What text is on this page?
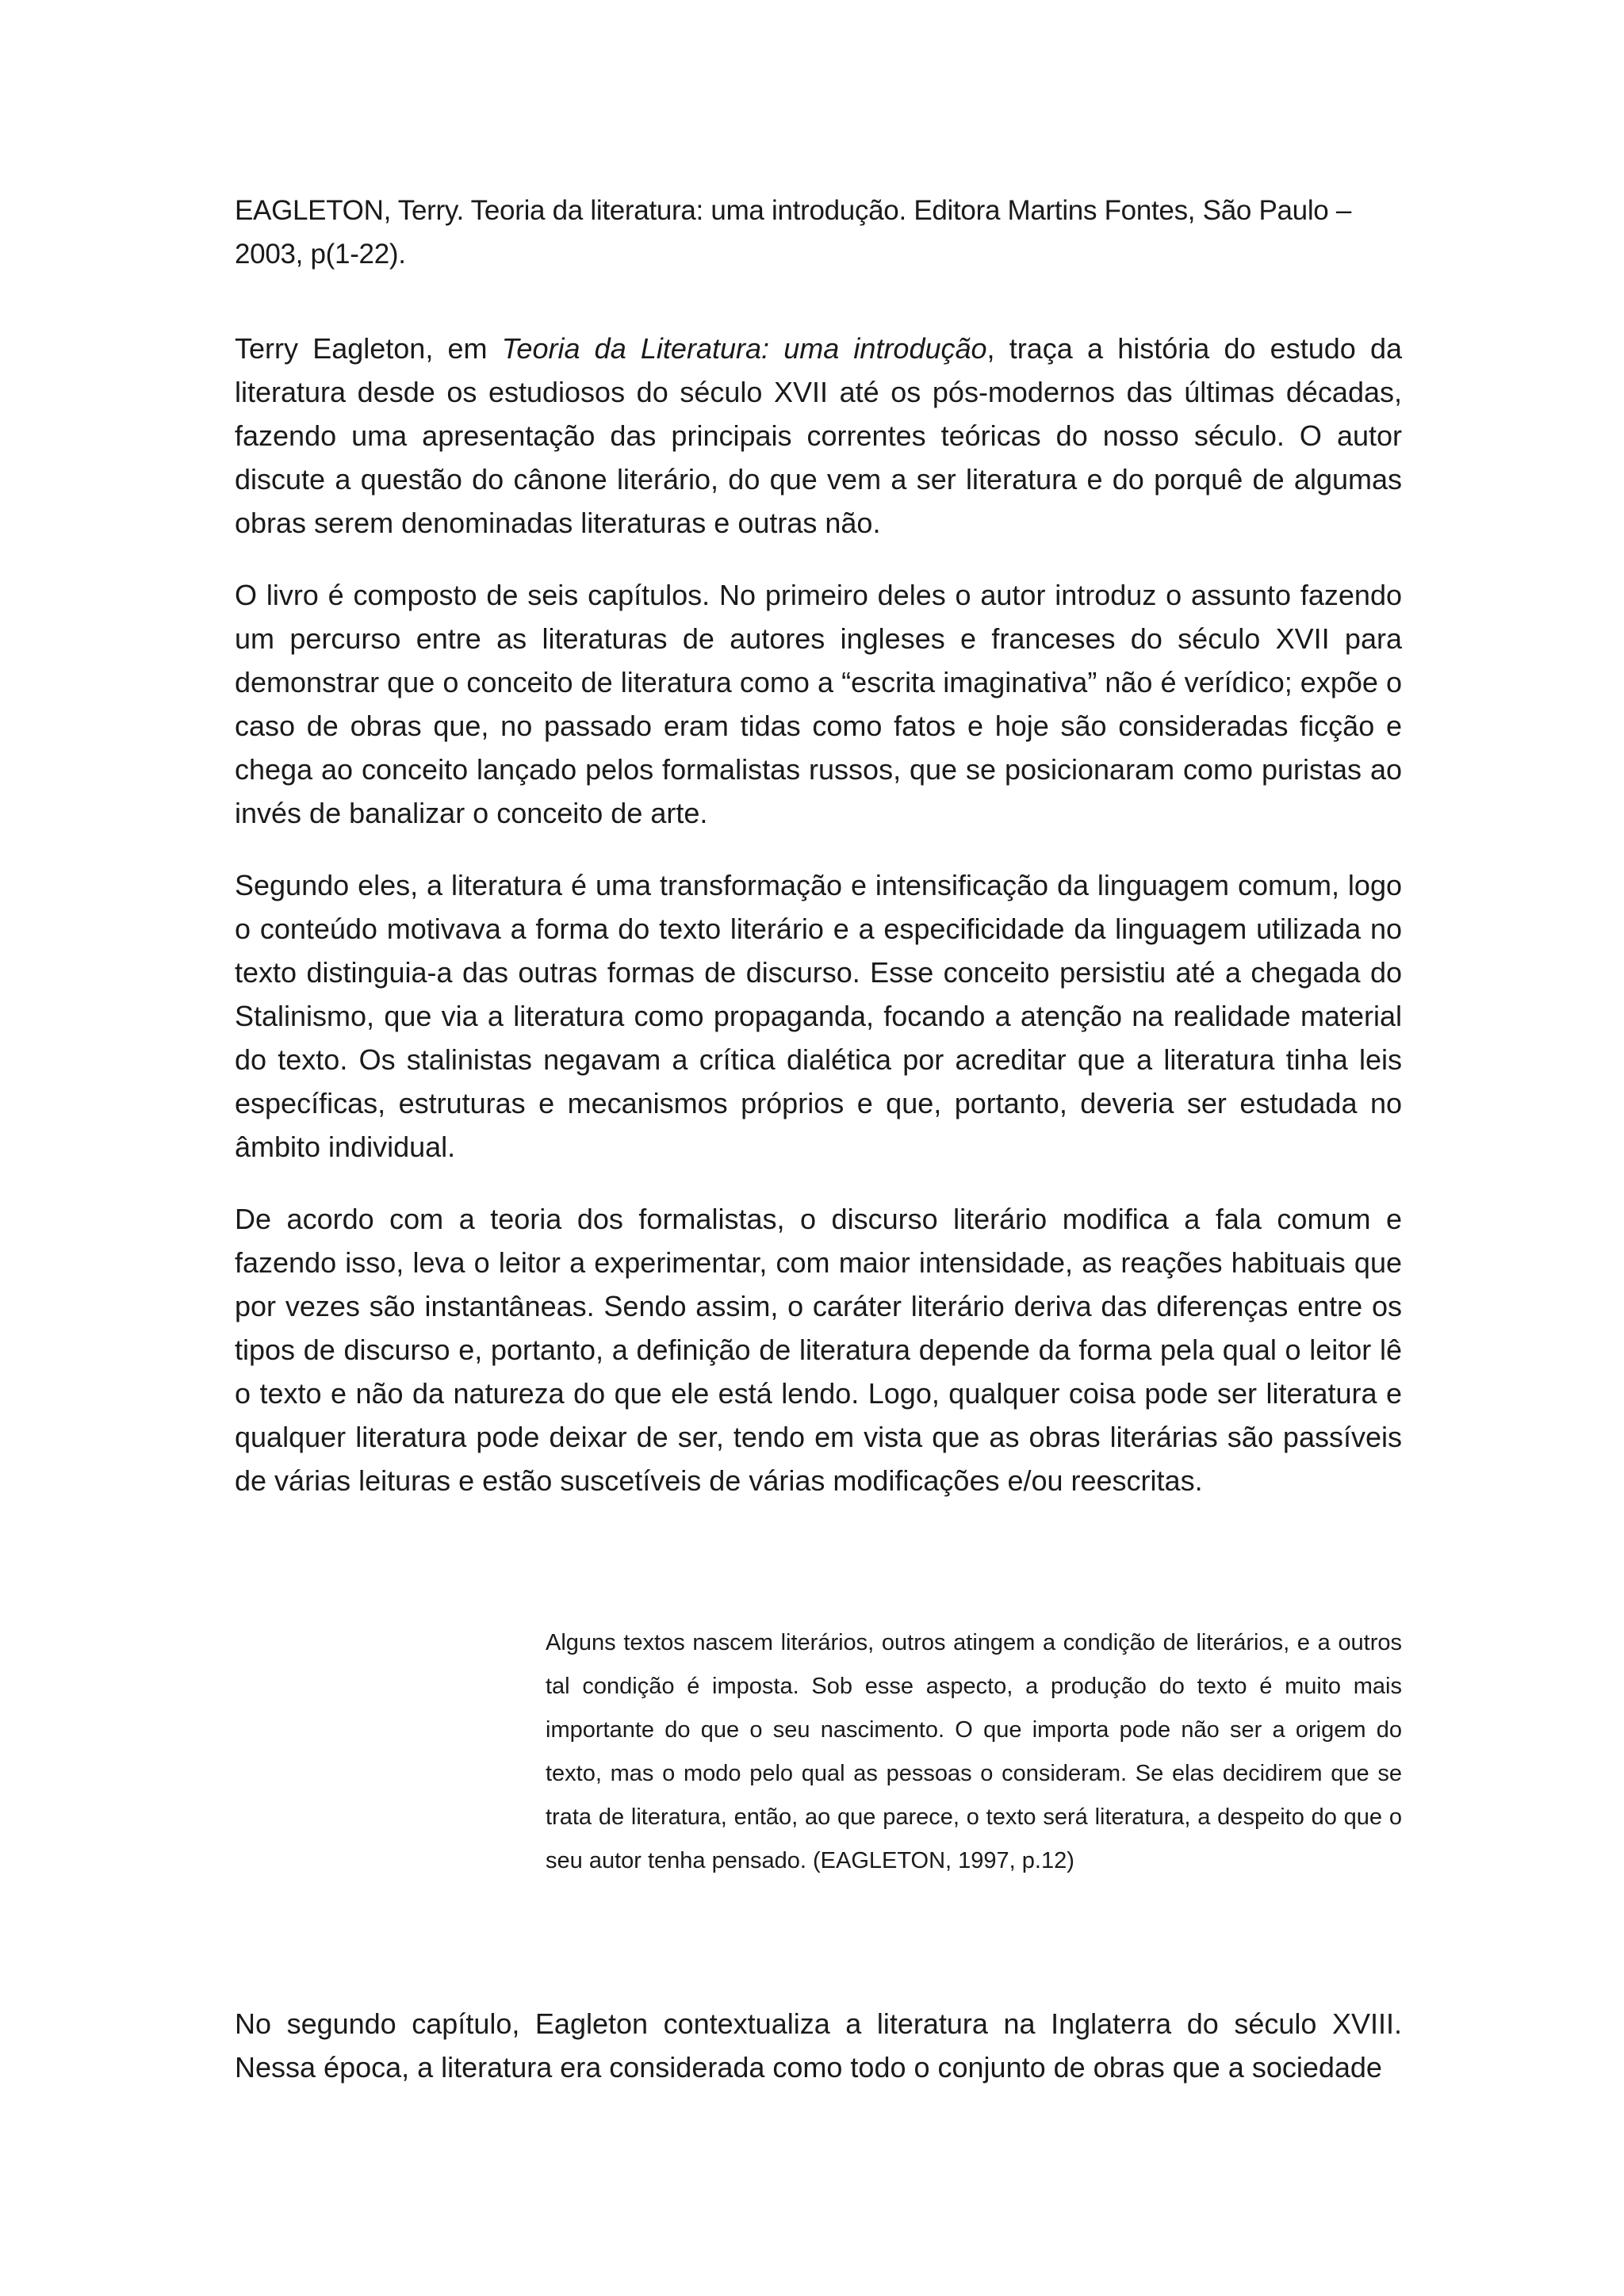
EAGLETON, Terry. Teoria da literatura: uma introdução. Editora Martins Fontes, São Paulo – 2003, p(1-22).

Terry Eagleton, em Teoria da Literatura: uma introdução, traça a história do estudo da literatura desde os estudiosos do século XVII até os pós-modernos das últimas décadas, fazendo uma apresentação das principais correntes teóricas do nosso século. O autor discute a questão do cânone literário, do que vem a ser literatura e do porquê de algumas obras serem denominadas literaturas e outras não.

O livro é composto de seis capítulos. No primeiro deles o autor introduz o assunto fazendo um percurso entre as literaturas de autores ingleses e franceses do século XVII para demonstrar que o conceito de literatura como a “escrita imaginativa” não é verídico; expõe o caso de obras que, no passado eram tidas como fatos e hoje são consideradas ficção e chega ao conceito lançado pelos formalistas russos, que se posicionaram como puristas ao invés de banalizar o conceito de arte.

Segundo eles, a literatura é uma transformação e intensificação da linguagem comum, logo o conteúdo motivava a forma do texto literário e a especificidade da linguagem utilizada no texto distinguia-a das outras formas de discurso. Esse conceito persistiu até a chegada do Stalinismo, que via a literatura como propaganda, focando a atenção na realidade material do texto. Os stalinistas negavam a crítica dialética por acreditar que a literatura tinha leis específicas, estruturas e mecanismos próprios e que, portanto, deveria ser estudada no âmbito individual.

De acordo com a teoria dos formalistas, o discurso literário modifica a fala comum e fazendo isso, leva o leitor a experimentar, com maior intensidade, as reações habituais que por vezes são instantâneas. Sendo assim, o caráter literário deriva das diferenças entre os tipos de discurso e, portanto, a definição de literatura depende da forma pela qual o leitor lê o texto e não da natureza do que ele está lendo. Logo, qualquer coisa pode ser literatura e qualquer literatura pode deixar de ser, tendo em vista que as obras literárias são passíveis de várias leituras e estão suscetíveis de várias modificações e/ou reescritas.

Alguns textos nascem literários, outros atingem a condição de literários, e a outros tal condição é imposta. Sob esse aspecto, a produção do texto é muito mais importante do que o seu nascimento. O que importa pode não ser a origem do texto, mas o modo pelo qual as pessoas o consideram. Se elas decidirem que se trata de literatura, então, ao que parece, o texto será literatura, a despeito do que o seu autor tenha pensado. (EAGLETON, 1997, p.12)

No segundo capítulo, Eagleton contextualiza a literatura na Inglaterra do século XVIII. Nessa época, a literatura era considerada como todo o conjunto de obras que a sociedade
